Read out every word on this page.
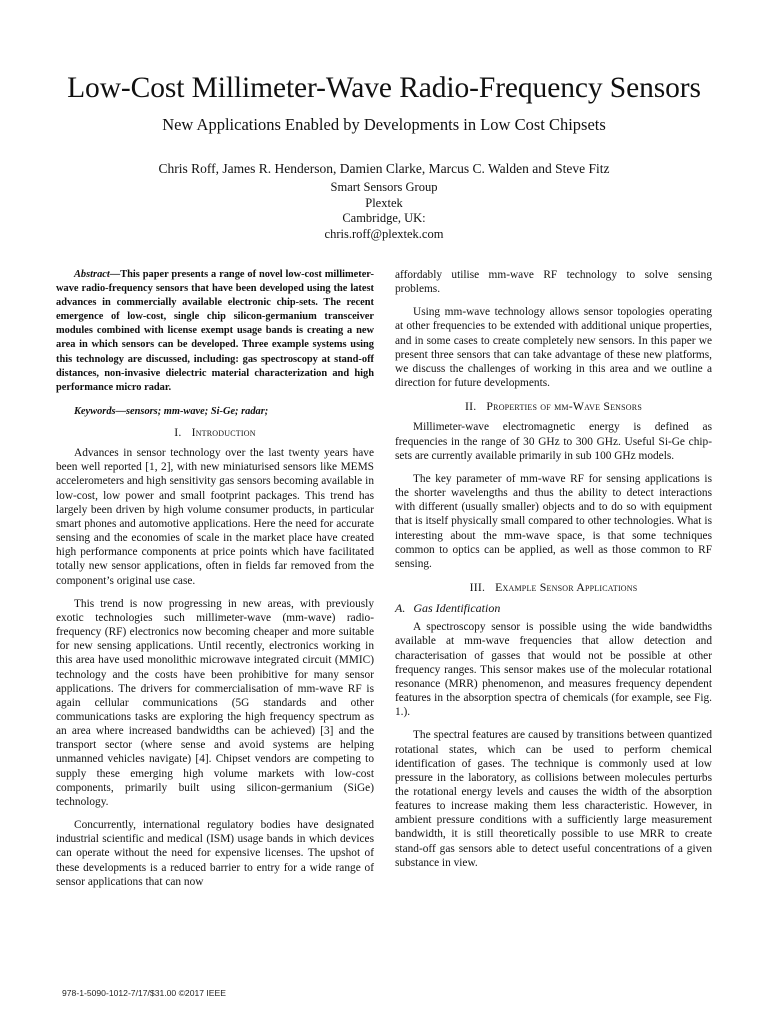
Low-Cost Millimeter-Wave Radio-Frequency Sensors
New Applications Enabled by Developments in Low Cost Chipsets
Chris Roff, James R. Henderson, Damien Clarke, Marcus C. Walden and Steve Fitz
Smart Sensors Group
Plextek
Cambridge, UK:
chris.roff@plextek.com

Abstract—This paper presents a range of novel low-cost millimeter-wave radio-frequency sensors that have been developed using the latest advances in commercially available electronic chip-sets. The recent emergence of low-cost, single chip silicon-germanium transceiver modules combined with license exempt usage bands is creating a new area in which sensors can be developed. Three example systems using this technology are discussed, including: gas spectroscopy at stand-off distances, non-invasive dielectric material characterization and high performance micro radar.

Keywords—sensors; mm-wave; Si-Ge; radar;

I. Introduction

Advances in sensor technology over the last twenty years have been well reported [1, 2], with new miniaturised sensors like MEMS accelerometers and high sensitivity gas sensors becoming available in low-cost, low power and small footprint packages. This trend has largely been driven by high volume consumer products, in particular smart phones and automotive applications. Here the need for accurate sensing and the economies of scale in the market place have created high performance components at price points which have facilitated totally new sensor applications, often in fields far removed from the component’s original use case.

This trend is now progressing in new areas, with previously exotic technologies such millimeter-wave (mm-wave) radio-frequency (RF) electronics now becoming cheaper and more suitable for new sensing applications. Until recently, electronics working in this area have used monolithic microwave integrated circuit (MMIC) technology and the costs have been prohibitive for many sensor applications. The drivers for commercialisation of mm-wave RF is again cellular communications (5G standards and other communications tasks are exploring the high frequency spectrum as an area where increased bandwidths can be achieved) [3] and the transport sector (where sense and avoid systems are helping unmanned vehicles navigate) [4]. Chipset vendors are competing to supply these emerging high volume markets with low-cost components, primarily built using silicon-germanium (SiGe) technology.

Concurrently, international regulatory bodies have designated industrial scientific and medical (ISM) usage bands in which devices can operate without the need for expensive licenses. The upshot of these developments is a reduced barrier to entry for a wide range of sensor applications that can now

affordably utilise mm-wave RF technology to solve sensing problems.

Using mm-wave technology allows sensor topologies operating at other frequencies to be extended with additional unique properties, and in some cases to create completely new sensors. In this paper we present three sensors that can take advantage of these new platforms, we discuss the challenges of working in this area and we outline a direction for future developments.

II. Properties of mm-Wave Sensors

Millimeter-wave electromagnetic energy is defined as frequencies in the range of 30 GHz to 300 GHz. Useful Si-Ge chip-sets are currently available primarily in sub 100 GHz models.

The key parameter of mm-wave RF for sensing applications is the shorter wavelengths and thus the ability to detect interactions with different (usually smaller) objects and to do so with equipment that is itself physically small compared to other technologies. What is interesting about the mm-wave space, is that some techniques common to optics can be applied, as well as those common to RF sensing.

III. Example Sensor Applications
A. Gas Identification

A spectroscopy sensor is possible using the wide bandwidths available at mm-wave frequencies that allow detection and characterisation of gasses that would not be possible at other frequency ranges. This sensor makes use of the molecular rotational resonance (MRR) phenomenon, and measures frequency dependent features in the absorption spectra of chemicals (for example, see Fig. 1.).

The spectral features are caused by transitions between quantized rotational states, which can be used to perform chemical identification of gases. The technique is commonly used at low pressure in the laboratory, as collisions between molecules perturbs the rotational energy levels and causes the width of the absorption features to increase making them less characteristic. However, in ambient pressure conditions with a sufficiently large measurement bandwidth, it is still theoretically possible to use MRR to create stand-off gas sensors able to detect useful concentrations of a given substance in view.

978-1-5090-1012-7/17/$31.00 ©2017 IEEE
